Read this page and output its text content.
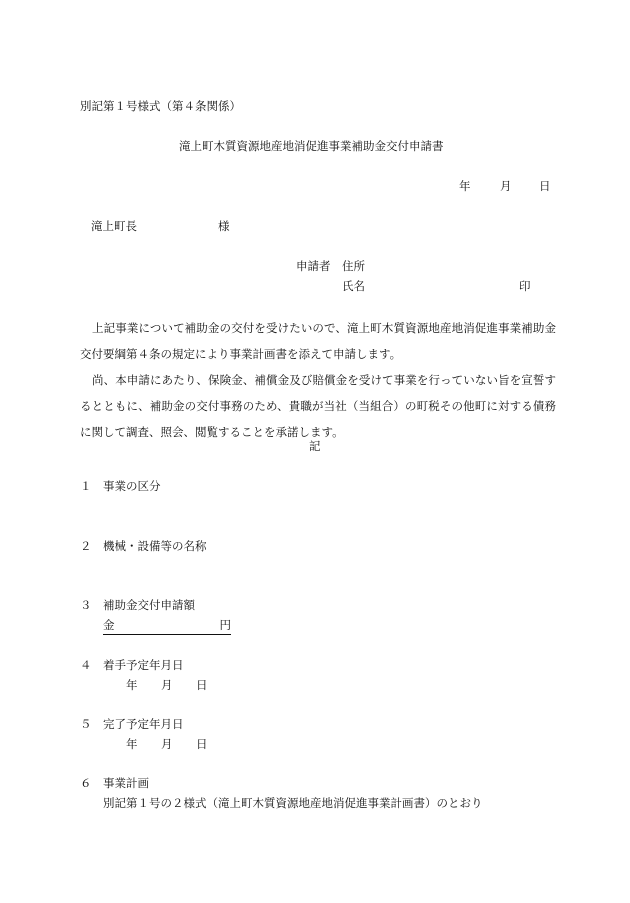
別記第１号様式（第４条関係）
滝上町木質資源地産地消促進事業補助金交付申請書
年	月 日
滝上町長	様
申請者 住所
氏名	印
上記事業について補助金の交付を受けたいので、滝上町木質資源地産地消促進事業補助金交付要綱第４条の規定により事業計画書を添えて申請します。
尚、本申請にあたり、保険金、補償金及び賠償金を受けて事業を行っていない旨を宣誓するとともに、補助金の交付事務のため、貴職が当社（当組合）の町税その他町に対する債務に関して調査、照会、閲覧することを承諾します。
記
１ 事業の区分
２ 機械・設備等の名称
３ 補助金交付申請額
金	円
４ 着手予定年月日
年 月 日
５ 完了予定年月日
年 月 日
６ 事業計画
別記第１号の２様式（滝上町木質資源地産地消促進事業計画書）のとおり
